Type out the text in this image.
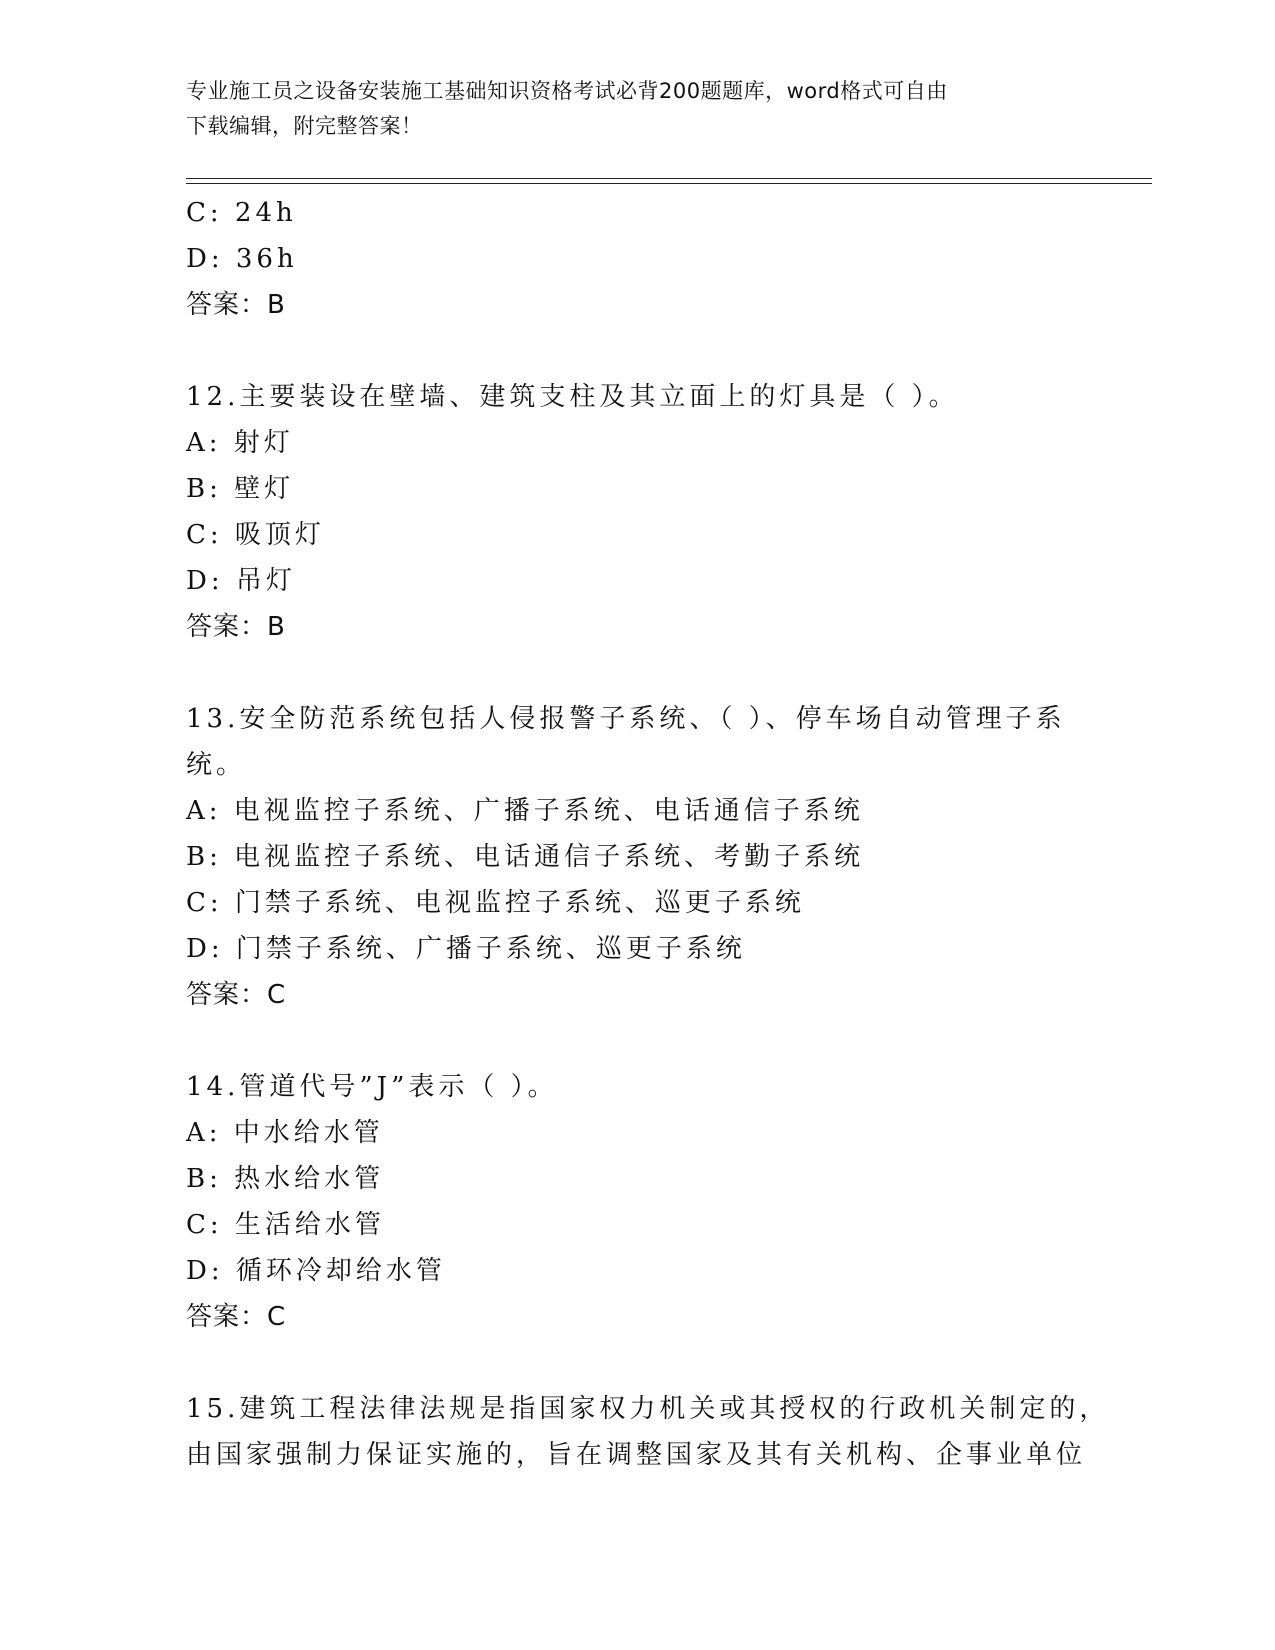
专业施工员之设备安装施工基础知识资格考试必背200题题库，word格式可自由
下载编辑，附完整答案！
C: 24h
D: 36h
答案：B
12.主要装设在壁墙、建筑支柱及其立面上的灯具是（ ）。
A: 射灯
B: 壁灯
C: 吸顶灯
D: 吊灯
答案：B
13.安全防范系统包括人侵报警子系统、（ ）、停车场自动管理子系
统。
A: 电视监控子系统、广播子系统、电话通信子系统
B: 电视监控子系统、电话通信子系统、考勤子系统
C: 门禁子系统、电视监控子系统、巡更子系统
D: 门禁子系统、广播子系统、巡更子系统
答案：C
14.管道代号”J”表示（ ）。
A: 中水给水管
B: 热水给水管
C: 生活给水管
D: 循环冷却给水管
答案：C
15.建筑工程法律法规是指国家权力机关或其授权的行政机关制定的，
由国家强制力保证实施的，旨在调整国家及其有关机构、企事业单位
